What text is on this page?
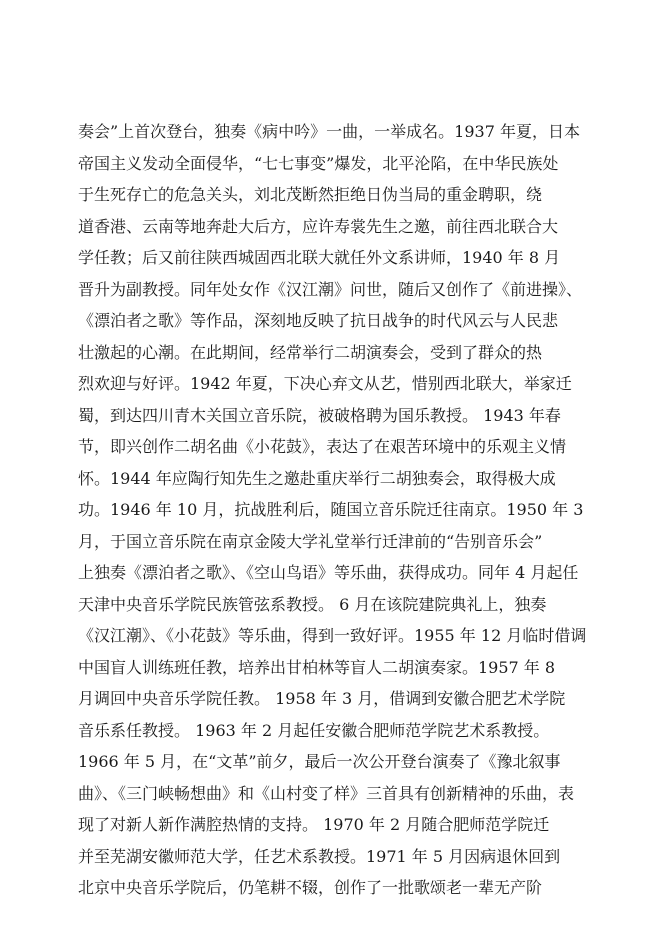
奏会”上首次登台，独奏《病中吟》一曲，一举成名。1937 年夏，日本
帝国主义发动全面侵华，“七七事变”爆发，北平沦陷，在中华民族处
于生死存亡的危急关头，刘北茂断然拒绝日伪当局的重金聘职，绕
道香港、云南等地奔赴大后方，应许寿裳先生之邀，前往西北联合大
学任教；后又前往陕西城固西北联大就任外文系讲师，1940 年 8 月
晋升为副教授。同年处女作《汉江潮》问世，随后又创作了《前进操》、
《漂泊者之歌》等作品，深刻地反映了抗日战争的时代风云与人民悲
壮激起的心潮。在此期间，经常举行二胡演奏会，受到了群众的热
烈欢迎与好评。1942 年夏，下决心弃文从艺，惜别西北联大，举家迁
蜀，到达四川青木关国立音乐院，被破格聘为国乐教授。 1943 年春
节，即兴创作二胡名曲《小花鼓》，表达了在艰苦环境中的乐观主义情
怀。1944 年应陶行知先生之邀赴重庆举行二胡独奏会，取得极大成
功。1946 年 10 月，抗战胜利后，随国立音乐院迁往南京。1950 年 3
月，于国立音乐院在南京金陵大学礼堂举行迁津前的“告别音乐会”
上独奏《漂泊者之歌》、《空山鸟语》等乐曲，获得成功。同年 4 月起任
天津中央音乐学院民族管弦系教授。 6 月在该院建院典礼上，独奏
《汉江潮》、《小花鼓》等乐曲，得到一致好评。1955 年 12 月临时借调
中国盲人训练班任教，培养出甘柏林等盲人二胡演奏家。1957 年 8
月调回中央音乐学院任教。 1958 年 3 月，借调到安徽合肥艺术学院
音乐系任教授。 1963 年 2 月起任安徽合肥师范学院艺术系教授。
1966 年 5 月，在“文革”前夕，最后一次公开登台演奏了《豫北叙事
曲》、《三门峡畅想曲》和《山村变了样》三首具有创新精神的乐曲，表
现了对新人新作满腔热情的支持。 1970 年 2 月随合肥师范学院迁
并至芜湖安徽师范大学，任艺术系教授。1971 年 5 月因病退休回到
北京中央音乐学院后，仍笔耕不辍，创作了一批歌颂老一辈无产阶
